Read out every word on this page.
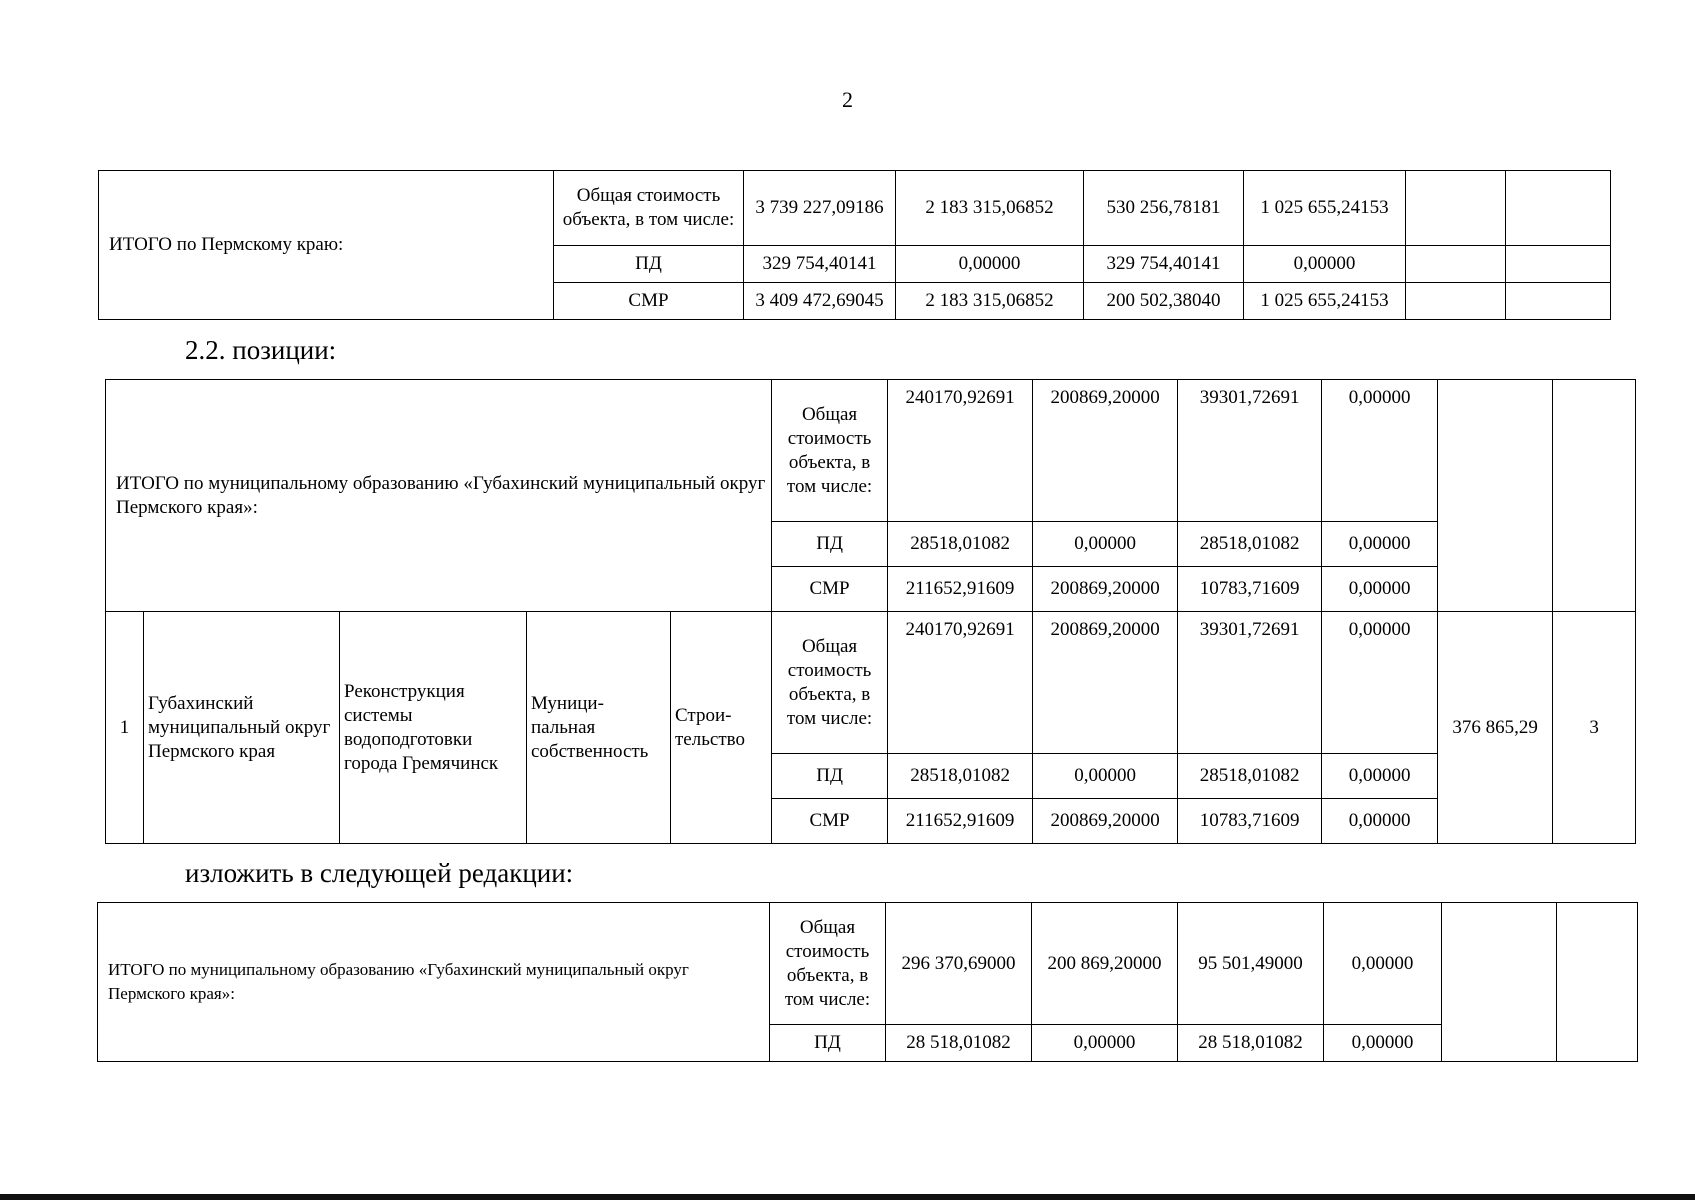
2
ИТОГО по Пермскому краю:	Общая стоимость объекта, в том числе:	3 739 227,09186	2 183 315,06852	530 256,78181	1 025 655,24153		
	ПД	329 754,40141	0,00000	329 754,40141	0,00000		
	СМР	3 409 472,69045	2 183 315,06852	200 502,38040	1 025 655,24153		
2.2. позиции:
ИТОГО по муниципальному образованию «Губахинский муниципальный округ Пермского края»:					Общая стоимость объекта, в том числе:	240170,92691	200869,20000	39301,72691	0,00000		
					ПД	28518,01082	0,00000	28518,01082	0,00000		
					СМР	211652,91609	200869,20000	10783,71609	0,00000		
1	Губахинский муниципальный округ Пермского края	Реконструкция системы водоподготовки города Гремячинск	Муници-пальная собственность	Строи-тельство	Общая стоимость объекта, в том числе:	240170,92691	200869,20000	39301,72691	0,00000	376 865,29	3
					ПД	28518,01082	0,00000	28518,01082	0,00000		
					СМР	211652,91609	200869,20000	10783,71609	0,00000		
изложить в следующей редакции:
ИТОГО по муниципальному образованию «Губахинский муниципальный округ Пермского края»:	Общая стоимость объекта, в том числе:	296 370,69000	200 869,20000	95 501,49000	0,00000		
	ПД	28 518,01082	0,00000	28 518,01082	0,00000		
